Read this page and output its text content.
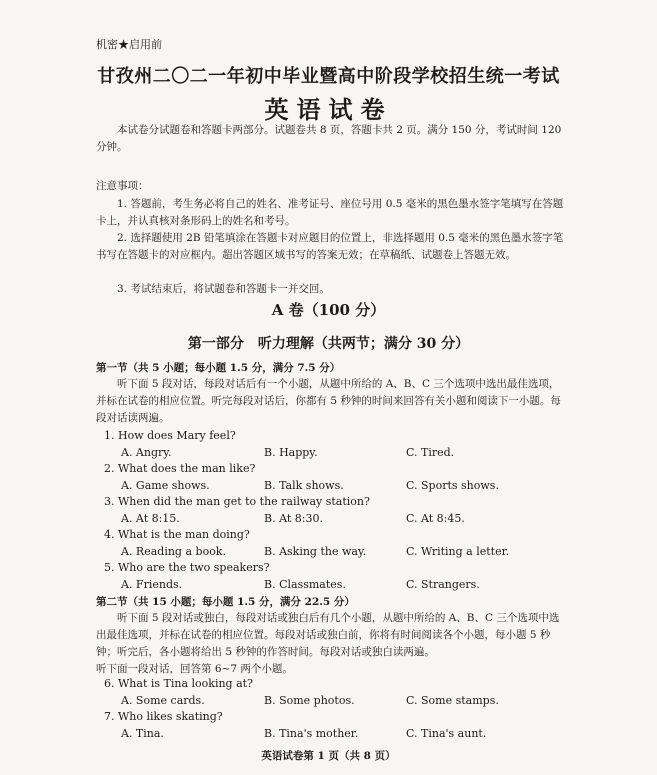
机密★启用前
甘孜州二〇二一年初中毕业暨高中阶段学校招生统一考试
英语试卷
本试卷分试题卷和答题卡两部分。试题卷共 8 页，答题卡共 2 页。满分 150 分，考试时间 120 分钟。
注意事项：
1. 答题前，考生务必将自己的姓名、准考证号、座位号用 0.5 毫米的黑色墨水签字笔填写在答题卡上，并认真核对条形码上的姓名和考号。
2. 选择题使用 2B 铅笔填涂在答题卡对应题目的位置上，非选择题用 0.5 毫米的黑色墨水签字笔书写在答题卡的对应框内。超出答题区域书写的答案无效；在草稿纸、试题卷上答题无效。
3. 考试结束后，将试题卷和答题卡一并交回。
A 卷（100 分）
第一部分　听力理解（共两节；满分 30 分）
第一节（共 5 小题；每小题 1.5 分，满分 7.5 分）
听下面 5 段对话，每段对话后有一个小题，从题中所给的 A、B、C 三个选项中选出最佳选项，并标在试卷的相应位置。听完每段对话后，你都有 5 秒钟的时间来回答有关小题和阅读下一小题。每段对话读两遍。
1. How does Mary feel?
A. Angry.	B. Happy.	C. Tired.
2. What does the man like?
A. Game shows.	B. Talk shows.	C. Sports shows.
3. When did the man get to the railway station?
A. At 8:15.	B. At 8:30.	C. At 8:45.
4. What is the man doing?
A. Reading a book.	B. Asking the way.	C. Writing a letter.
5. Who are the two speakers?
A. Friends.	B. Classmates.	C. Strangers.
第二节（共 15 小题；每小题 1.5 分，满分 22.5 分）
听下面 5 段对话或独白，每段对话或独白后有几个小题，从题中所给的 A、B、C 三个选项中选出最佳选项，并标在试卷的相应位置。每段对话或独白前，你将有时间阅读各个小题，每小题 5 秒钟；听完后，各小题将给出 5 秒钟的作答时间。每段对话或独白读两遍。
听下面一段对话，回答第 6~7 两个小题。
6. What is Tina looking at?
A. Some cards.	B. Some photos.	C. Some stamps.
7. Who likes skating?
A. Tina.	B. Tina's mother.	C. Tina's aunt.
英语试卷第 1 页（共 8 页）
